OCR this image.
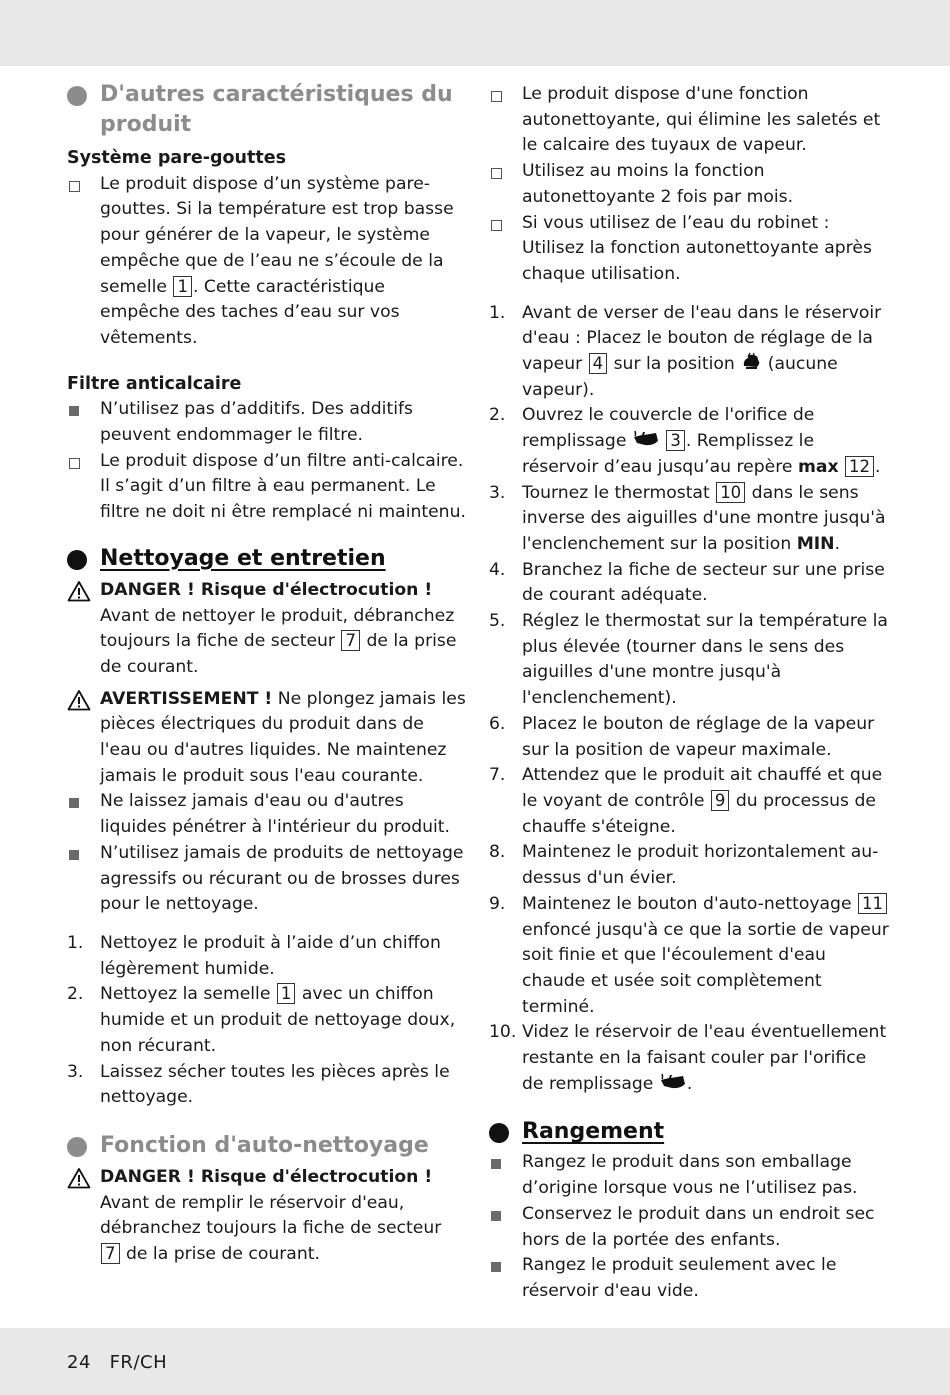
D'autres caractéristiques du produit
Système pare-gouttes
Le produit dispose d’un système pare-gouttes. Si la température est trop basse pour générer de la vapeur, le système empêche que de l’eau ne s’écoule de la semelle 1 . Cette caractéristique empêche des taches d’eau sur vos vêtements.
Filtre anticalcaire
N’utilisez pas d’additifs. Des additifs peuvent endommager le filtre.
Le produit dispose d’un filtre anti-calcaire. Il s’agit d’un filtre à eau permanent. Le filtre ne doit ni être remplacé ni maintenu.
Nettoyage et entretien
DANGER ! Risque d'électrocution !
Avant de nettoyer le produit, débranchez toujours la fiche de secteur 7 de la prise de courant.
AVERTISSEMENT ! Ne plongez jamais les pièces électriques du produit dans de l'eau ou d'autres liquides. Ne maintenez jamais le produit sous l'eau courante.
Ne laissez jamais d'eau ou d'autres liquides pénétrer à l'intérieur du produit.
N’utilisez jamais de produits de nettoyage agressifs ou récurant ou de brosses dures pour le nettoyage.
1. Nettoyez le produit à l’aide d’un chiffon légèrement humide.
2. Nettoyez la semelle 1 avec un chiffon humide et un produit de nettoyage doux, non récurant.
3. Laissez sécher toutes les pièces après le nettoyage.
Fonction d'auto-nettoyage
DANGER ! Risque d'électrocution !
Avant de remplir le réservoir d'eau, débranchez toujours la fiche de secteur 7 de la prise de courant.
Le produit dispose d'une fonction autonettoyante, qui élimine les saletés et le calcaire des tuyaux de vapeur.
Utilisez au moins la fonction autonettoyante 2 fois par mois.
Si vous utilisez de l’eau du robinet : Utilisez la fonction autonettoyante après chaque utilisation.
1. Avant de verser de l'eau dans le réservoir d'eau : Placez le bouton de réglage de la vapeur 4 sur la position (aucune vapeur).
2. Ouvrez le couvercle de l'orifice de remplissage	3 . Remplissez le réservoir d’eau jusqu’au repère max 12 .
3. Tournez le thermostat 10 dans le sens inverse des aiguilles d'une montre jusqu'à l'enclenchement sur la position MIN.
4. Branchez la fiche de secteur sur une prise de courant adéquate.
5. Réglez le thermostat sur la température la plus élevée (tourner dans le sens des aiguilles d'une montre jusqu'à l'enclenchement).
6. Placez le bouton de réglage de la vapeur sur la position de vapeur maximale.
7. Attendez que le produit ait chauffé et que le voyant de contrôle 9 du processus de chauffe s'éteigne.
8. Maintenez le produit horizontalement au-dessus d'un évier.
9. Maintenez le bouton d'auto-nettoyage 11 enfoncé jusqu'à ce que la sortie de vapeur soit finie et que l'écoulement d'eau chaude et usée soit complètement terminé.
10. Videz le réservoir de l'eau éventuellement restante en la faisant couler par l'orifice de remplissage .
Rangement
Rangez le produit dans son emballage d’origine lorsque vous ne l’utilisez pas.
Conservez le produit dans un endroit sec hors de la portée des enfants.
Rangez le produit seulement avec le réservoir d'eau vide.
24 FR/CH
